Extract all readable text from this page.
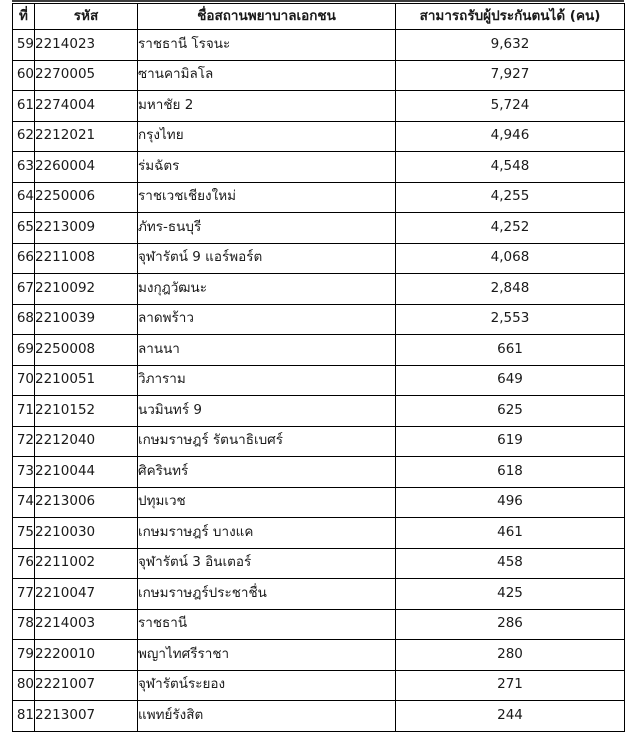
ที่	รหัส	ชื่อสถานพยาบาลเอกชน	สามารถรับผู้ประกันตนได้ (คน)
59	2214023	ราชธานี โรจนะ	9,632
60	2270005	ซานคามิลโล	7,927
61	2274004	มหาชัย 2	5,724
62	2212021	กรุงไทย	4,946
63	2260004	ร่มฉัตร	4,548
64	2250006	ราชเวชเชียงใหม่	4,255
65	2213009	ภัทร-ธนบุรี	4,252
66	2211008	จุฬารัตน์ 9 แอร์พอร์ต	4,068
67	2210092	มงกุฎวัฒนะ	2,848
68	2210039	ลาดพร้าว	2,553
69	2250008	ลานนา	661
70	2210051	วิภาราม	649
71	2210152	นวมินทร์ 9	625
72	2212040	เกษมราษฎร์ รัตนาธิเบศร์	619
73	2210044	ศิครินทร์	618
74	2213006	ปทุมเวช	496
75	2210030	เกษมราษฎร์ บางแค	461
76	2211002	จุฬารัตน์ 3 อินเตอร์	458
77	2210047	เกษมราษฎร์ประชาชื่น	425
78	2214003	ราชธานี	286
79	2220010	พญาไทศรีราชา	280
80	2221007	จุฬารัตน์ระยอง	271
81	2213007	แพทย์รังสิต	244
